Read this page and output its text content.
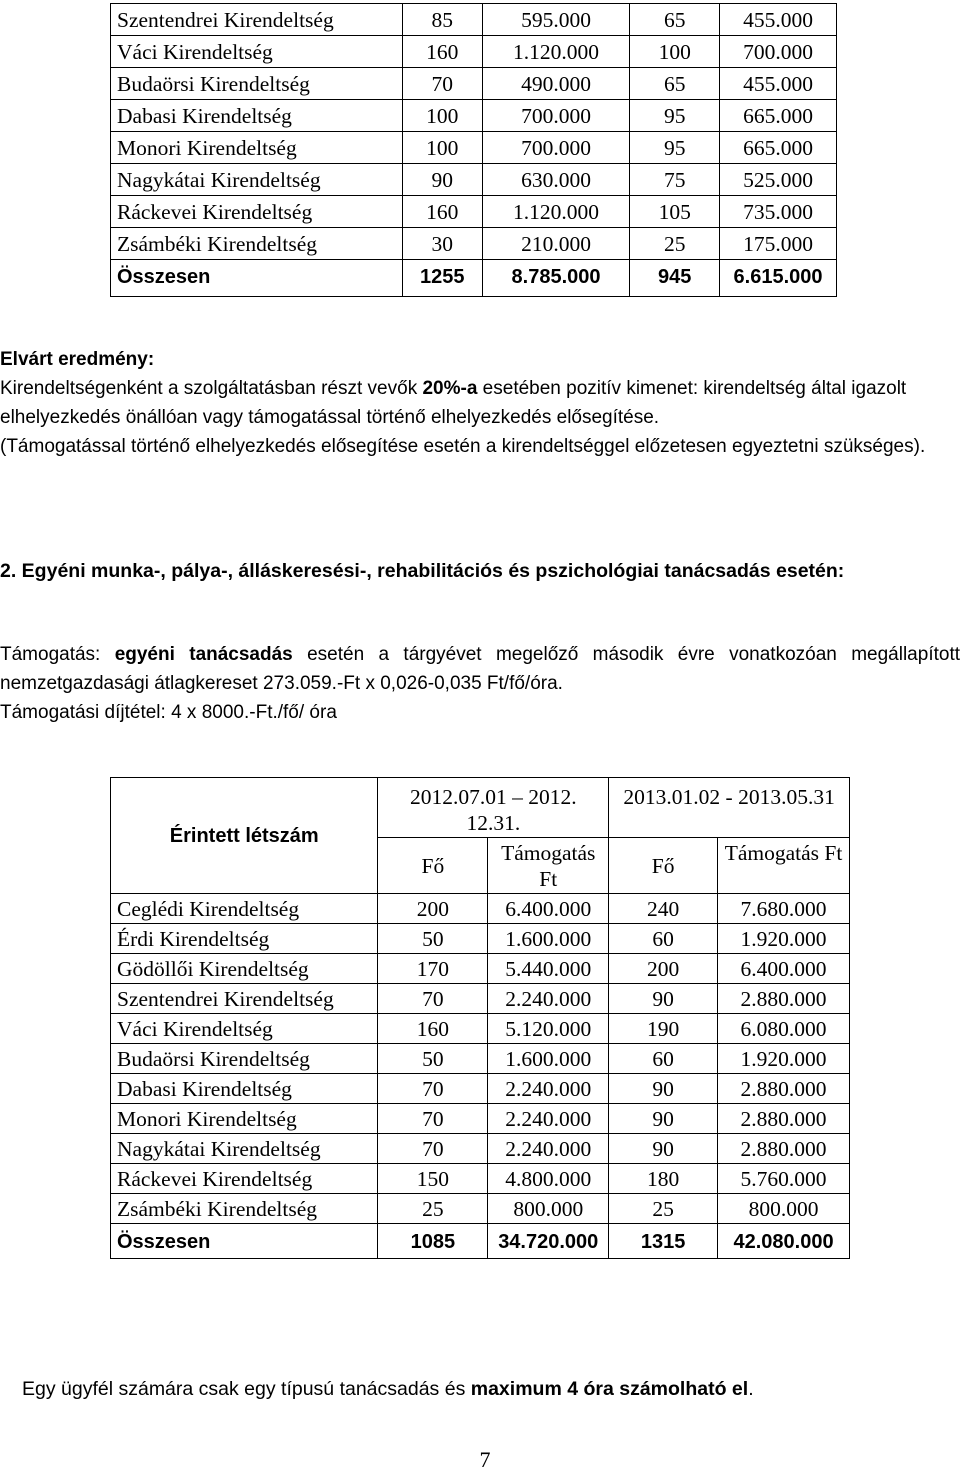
Szentendrei Kirendeltség	85	595.000	65	455.000
Váci Kirendeltség	160	1.120.000	100	700.000
Budaörsi Kirendeltség	70	490.000	65	455.000
Dabasi Kirendeltség	100	700.000	95	665.000
Monori Kirendeltség	100	700.000	95	665.000
Nagykátai Kirendeltség	90	630.000	75	525.000
Ráckevei Kirendeltség	160	1.120.000	105	735.000
Zsámbéki Kirendeltség	30	210.000	25	175.000
Összesen	1255	8.785.000	945	6.615.000
Elvárt eredmény:
Kirendeltségenként a szolgáltatásban részt vevők 20%-a esetében pozitív kimenet: kirendeltség által igazolt elhelyezkedés önállóan vagy támogatással történő elhelyezkedés elősegítése.
(Támogatással történő elhelyezkedés elősegítése esetén a kirendeltséggel előzetesen egyeztetni szükséges).
2. Egyéni munka-, pálya-, álláskeresési-, rehabilitációs és pszichológiai tanácsadás esetén:
Támogatás: egyéni tanácsadás esetén a tárgyévet megelőző második évre vonatkozóan megállapított nemzetgazdasági átlagkereset 273.059.-Ft x 0,026-0,035 Ft/fő/óra.
Támogatási díjtétel: 4 x 8000.-Ft./fő/ óra
Érintett létszám	2012.07.01 – 2012. 12.31.		2013.01.02 - 2013.05.31	
	Fő	Támogatás Ft	Fő	Támogatás Ft
Ceglédi Kirendeltség	200	6.400.000	240	7.680.000
Érdi Kirendeltség	50	1.600.000	60	1.920.000
Gödöllői Kirendeltség	170	5.440.000	200	6.400.000
Szentendrei Kirendeltség	70	2.240.000	90	2.880.000
Váci Kirendeltség	160	5.120.000	190	6.080.000
Budaörsi Kirendeltség	50	1.600.000	60	1.920.000
Dabasi Kirendeltség	70	2.240.000	90	2.880.000
Monori Kirendeltség	70	2.240.000	90	2.880.000
Nagykátai Kirendeltség	70	2.240.000	90	2.880.000
Ráckevei Kirendeltség	150	4.800.000	180	5.760.000
Zsámbéki Kirendeltség	25	800.000	25	800.000
Összesen	1085	34.720.000	1315	42.080.000
Egy ügyfél számára csak egy típusú tanácsadás és maximum 4 óra számolható el.
7
